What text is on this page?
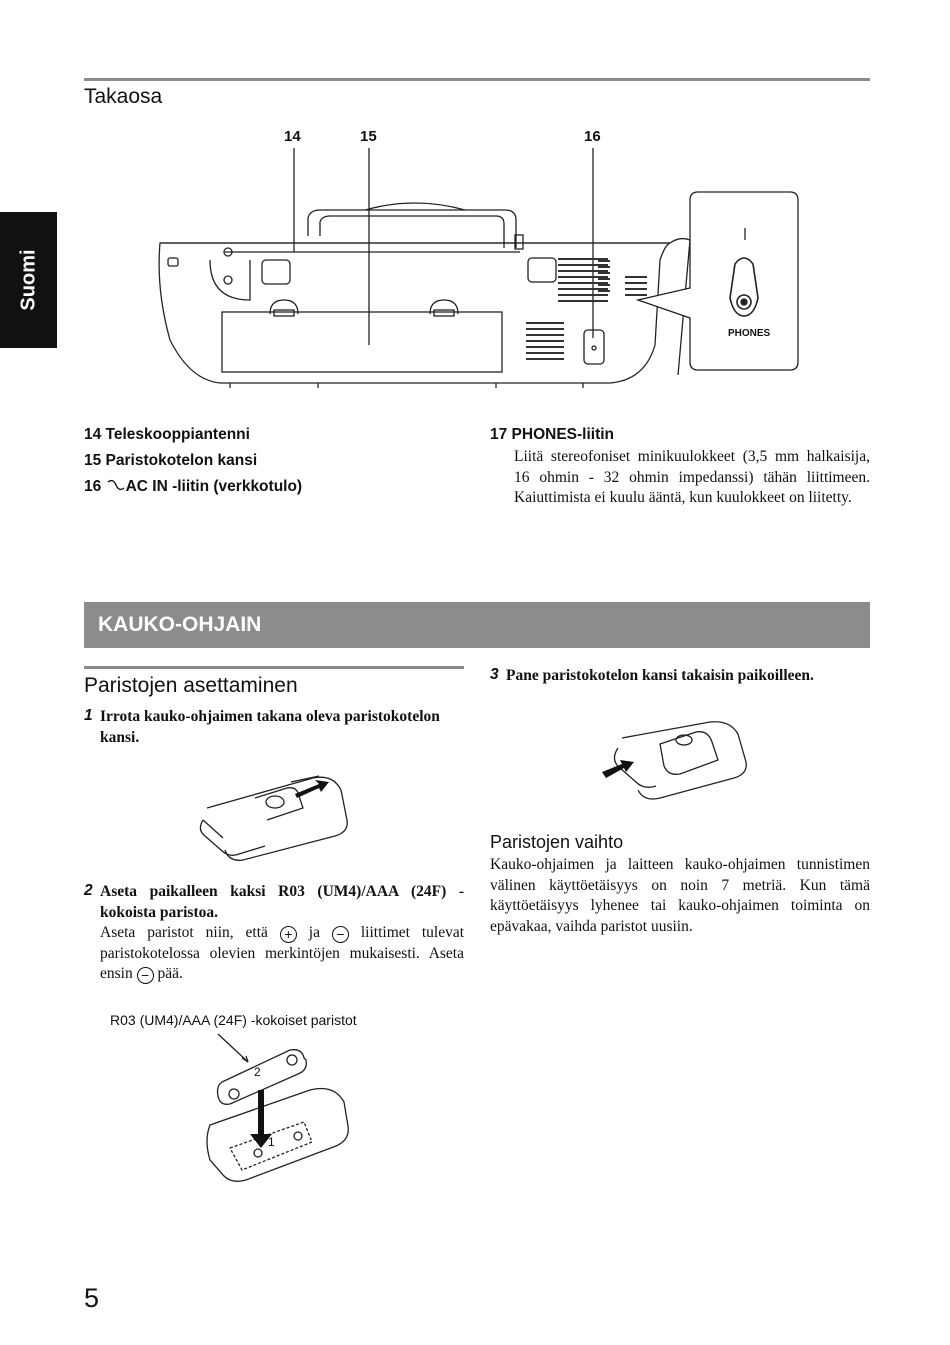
Suomi
Takaosa
14	15	16
PHONES
14 Teleskooppiantenni
15 Paristokotelon kansi
16 AC IN -liitin (verkkotulo)
17 PHONES-liitin
Liitä stereofoniset minikuulokkeet (3,5 mm halkaisija, 16 ohmin - 32 ohmin impedanssi) tähän liittimeen. Kaiuttimista ei kuulu ääntä, kun kuulokkeet on liitetty.
KAUKO-OHJAIN
Paristojen asettaminen
1 Irrota kauko-ohjaimen takana oleva paristokotelon kansi.
2 Aseta paikalleen kaksi R03 (UM4)/AAA (24F) -kokoista paristoa.
Aseta paristot niin, että + ja − liittimet tulevat paristokotelossa olevien merkintöjen mukaisesti. Aseta ensin − pää.
R03 (UM4)/AAA (24F) -kokoiset paristot
2
1
3 Pane paristokotelon kansi takaisin paikoilleen.
Paristojen vaihto
Kauko-ohjaimen ja laitteen kauko-ohjaimen tunnistimen välinen käyttöetäisyys on noin 7 metriä. Kun tämä käyttöetäisyys lyhenee tai kauko-ohjaimen toiminta on epävakaa, vaihda paristot uusiin.
5
